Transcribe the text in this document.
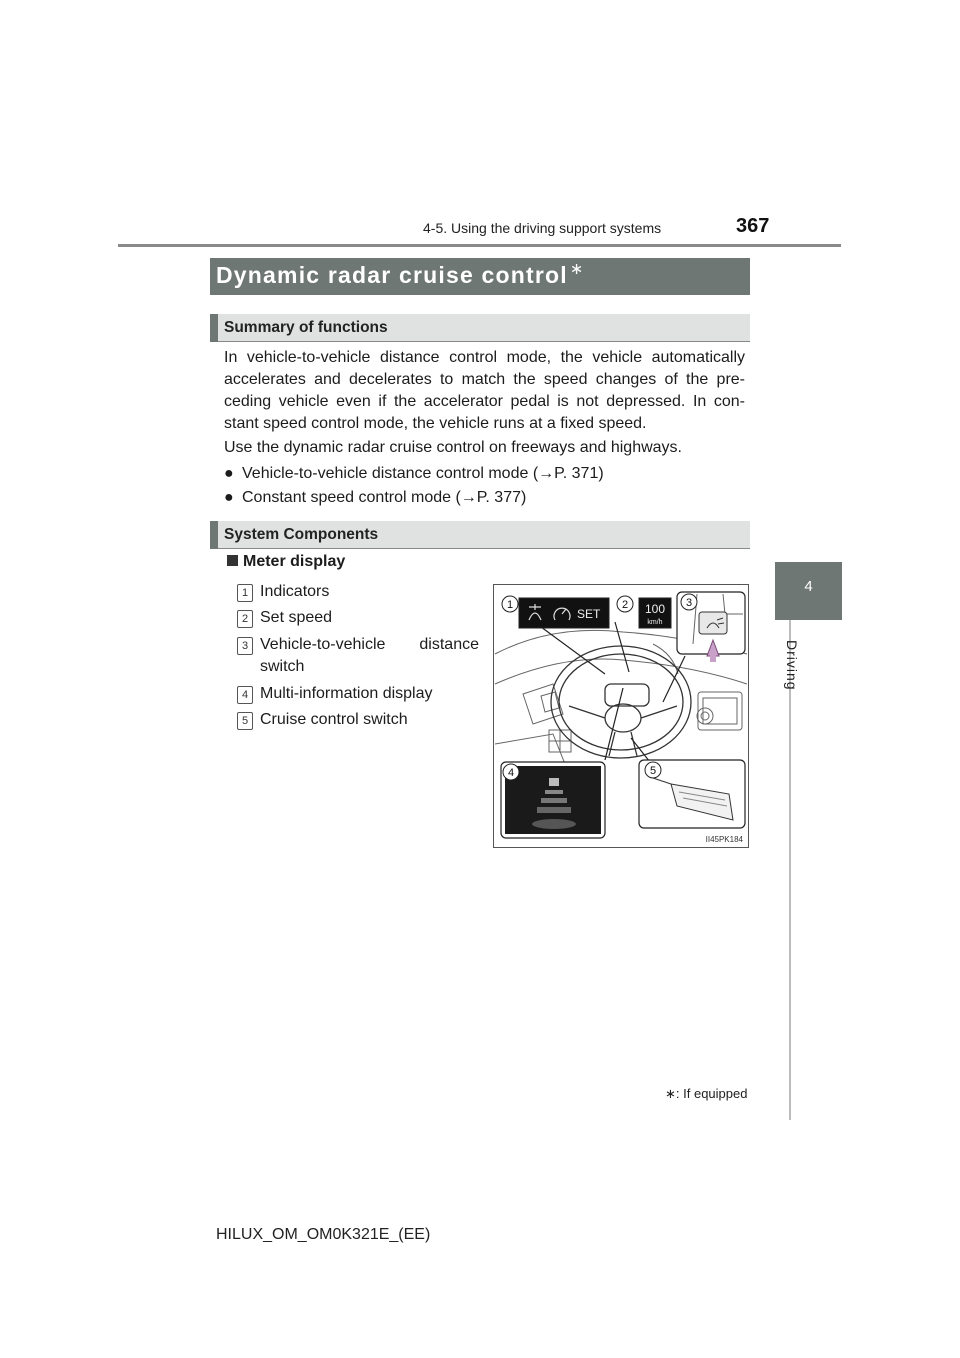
4-5. Using the driving support systems	367
4
Driving
Dynamic radar cruise control ∗
Summary of functions
In vehicle-to-vehicle distance control mode, the vehicle automatically accelerates and decelerates to match the speed changes of the pre-ceding vehicle even if the accelerator pedal is not depressed. In con-stant speed control mode, the vehicle runs at a fixed speed.
Use the dynamic radar cruise control on freeways and highways.
● Vehicle-to-vehicle distance control mode (→P. 371)
● Constant speed control mode (→P. 377)
System Components
Meter display
1 Indicators
2 Set speed
3 Vehicle-to-vehicle distance
switch
4 Multi-information display
5 Cruise control switch
SET	100
km/h
1	2	3
4	5
II45PK184
∗: If equipped
HILUX_OM_OM0K321E_(EE)
